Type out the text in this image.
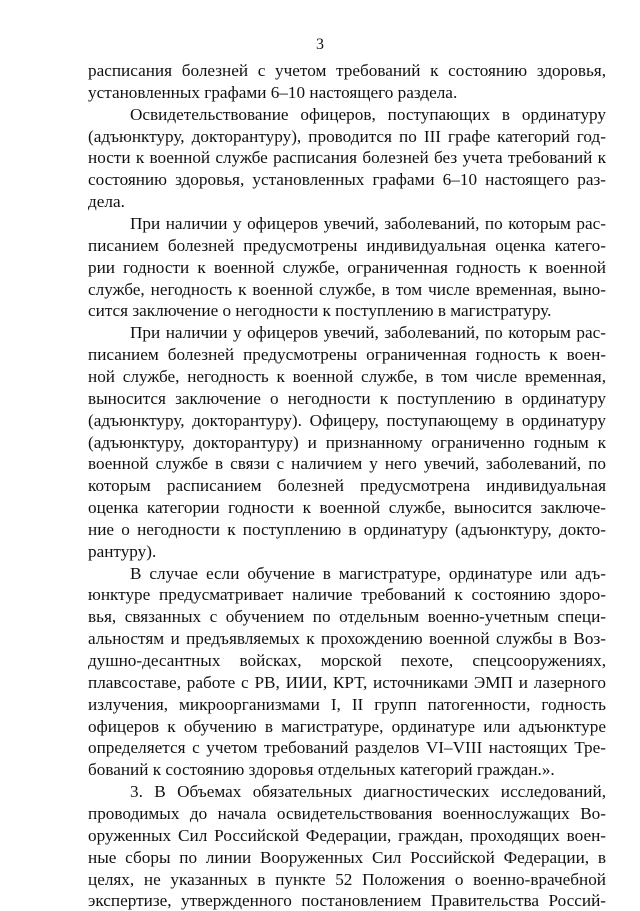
3
расписания болезней с учетом требований к состоянию здоровья,
установленных графами 6–10 настоящего раздела.
Освидетельствование офицеров, поступающих в ординатуру
(адъюнктуру, докторантуру), проводится по III графе категорий год-
ности к военной службе расписания болезней без учета требований к
состоянию здоровья, установленных графами 6–10 настоящего раз-
дела.
При наличии у офицеров увечий, заболеваний, по которым рас-
писанием болезней предусмотрены индивидуальная оценка катего-
рии годности к военной службе, ограниченная годность к военной
службе, негодность к военной службе, в том числе временная, выно-
сится заключение о негодности к поступлению в магистратуру.
При наличии у офицеров увечий, заболеваний, по которым рас-
писанием болезней предусмотрены ограниченная годность к воен-
ной службе, негодность к военной службе, в том числе временная,
выносится заключение о негодности к поступлению в ординатуру
(адъюнктуру, докторантуру). Офицеру, поступающему в ординатуру
(адъюнктуру, докторантуру) и признанному ограниченно годным к
военной службе в связи с наличием у него увечий, заболеваний, по
которым расписанием болезней предусмотрена индивидуальная
оценка категории годности к военной службе, выносится заключе-
ние о негодности к поступлению в ординатуру (адъюнктуру, докто-
рантуру).
В случае если обучение в магистратуре, ординатуре или адъ-
юнктуре предусматривает наличие требований к состоянию здоро-
вья, связанных с обучением по отдельным военно-учетным специ-
альностям и предъявляемых к прохождению военной службы в Воз-
душно-десантных войсках, морской пехоте, спецсооружениях,
плавсоставе, работе с РВ, ИИИ, КРТ, источниками ЭМП и лазерного
излучения, микроорганизмами I, II групп патогенности, годность
офицеров к обучению в магистратуре, ординатуре или адъюнктуре
определяется с учетом требований разделов VI–VIII настоящих Тре-
бований к состоянию здоровья отдельных категорий граждан.».
3. В Объемах обязательных диагностических исследований,
проводимых до начала освидетельствования военнослужащих Во-
оруженных Сил Российской Федерации, граждан, проходящих воен-
ные сборы по линии Вооруженных Сил Российской Федерации, в
целях, не указанных в пункте 52 Положения о военно-врачебной
экспертизе, утвержденного постановлением Правительства Россий-
